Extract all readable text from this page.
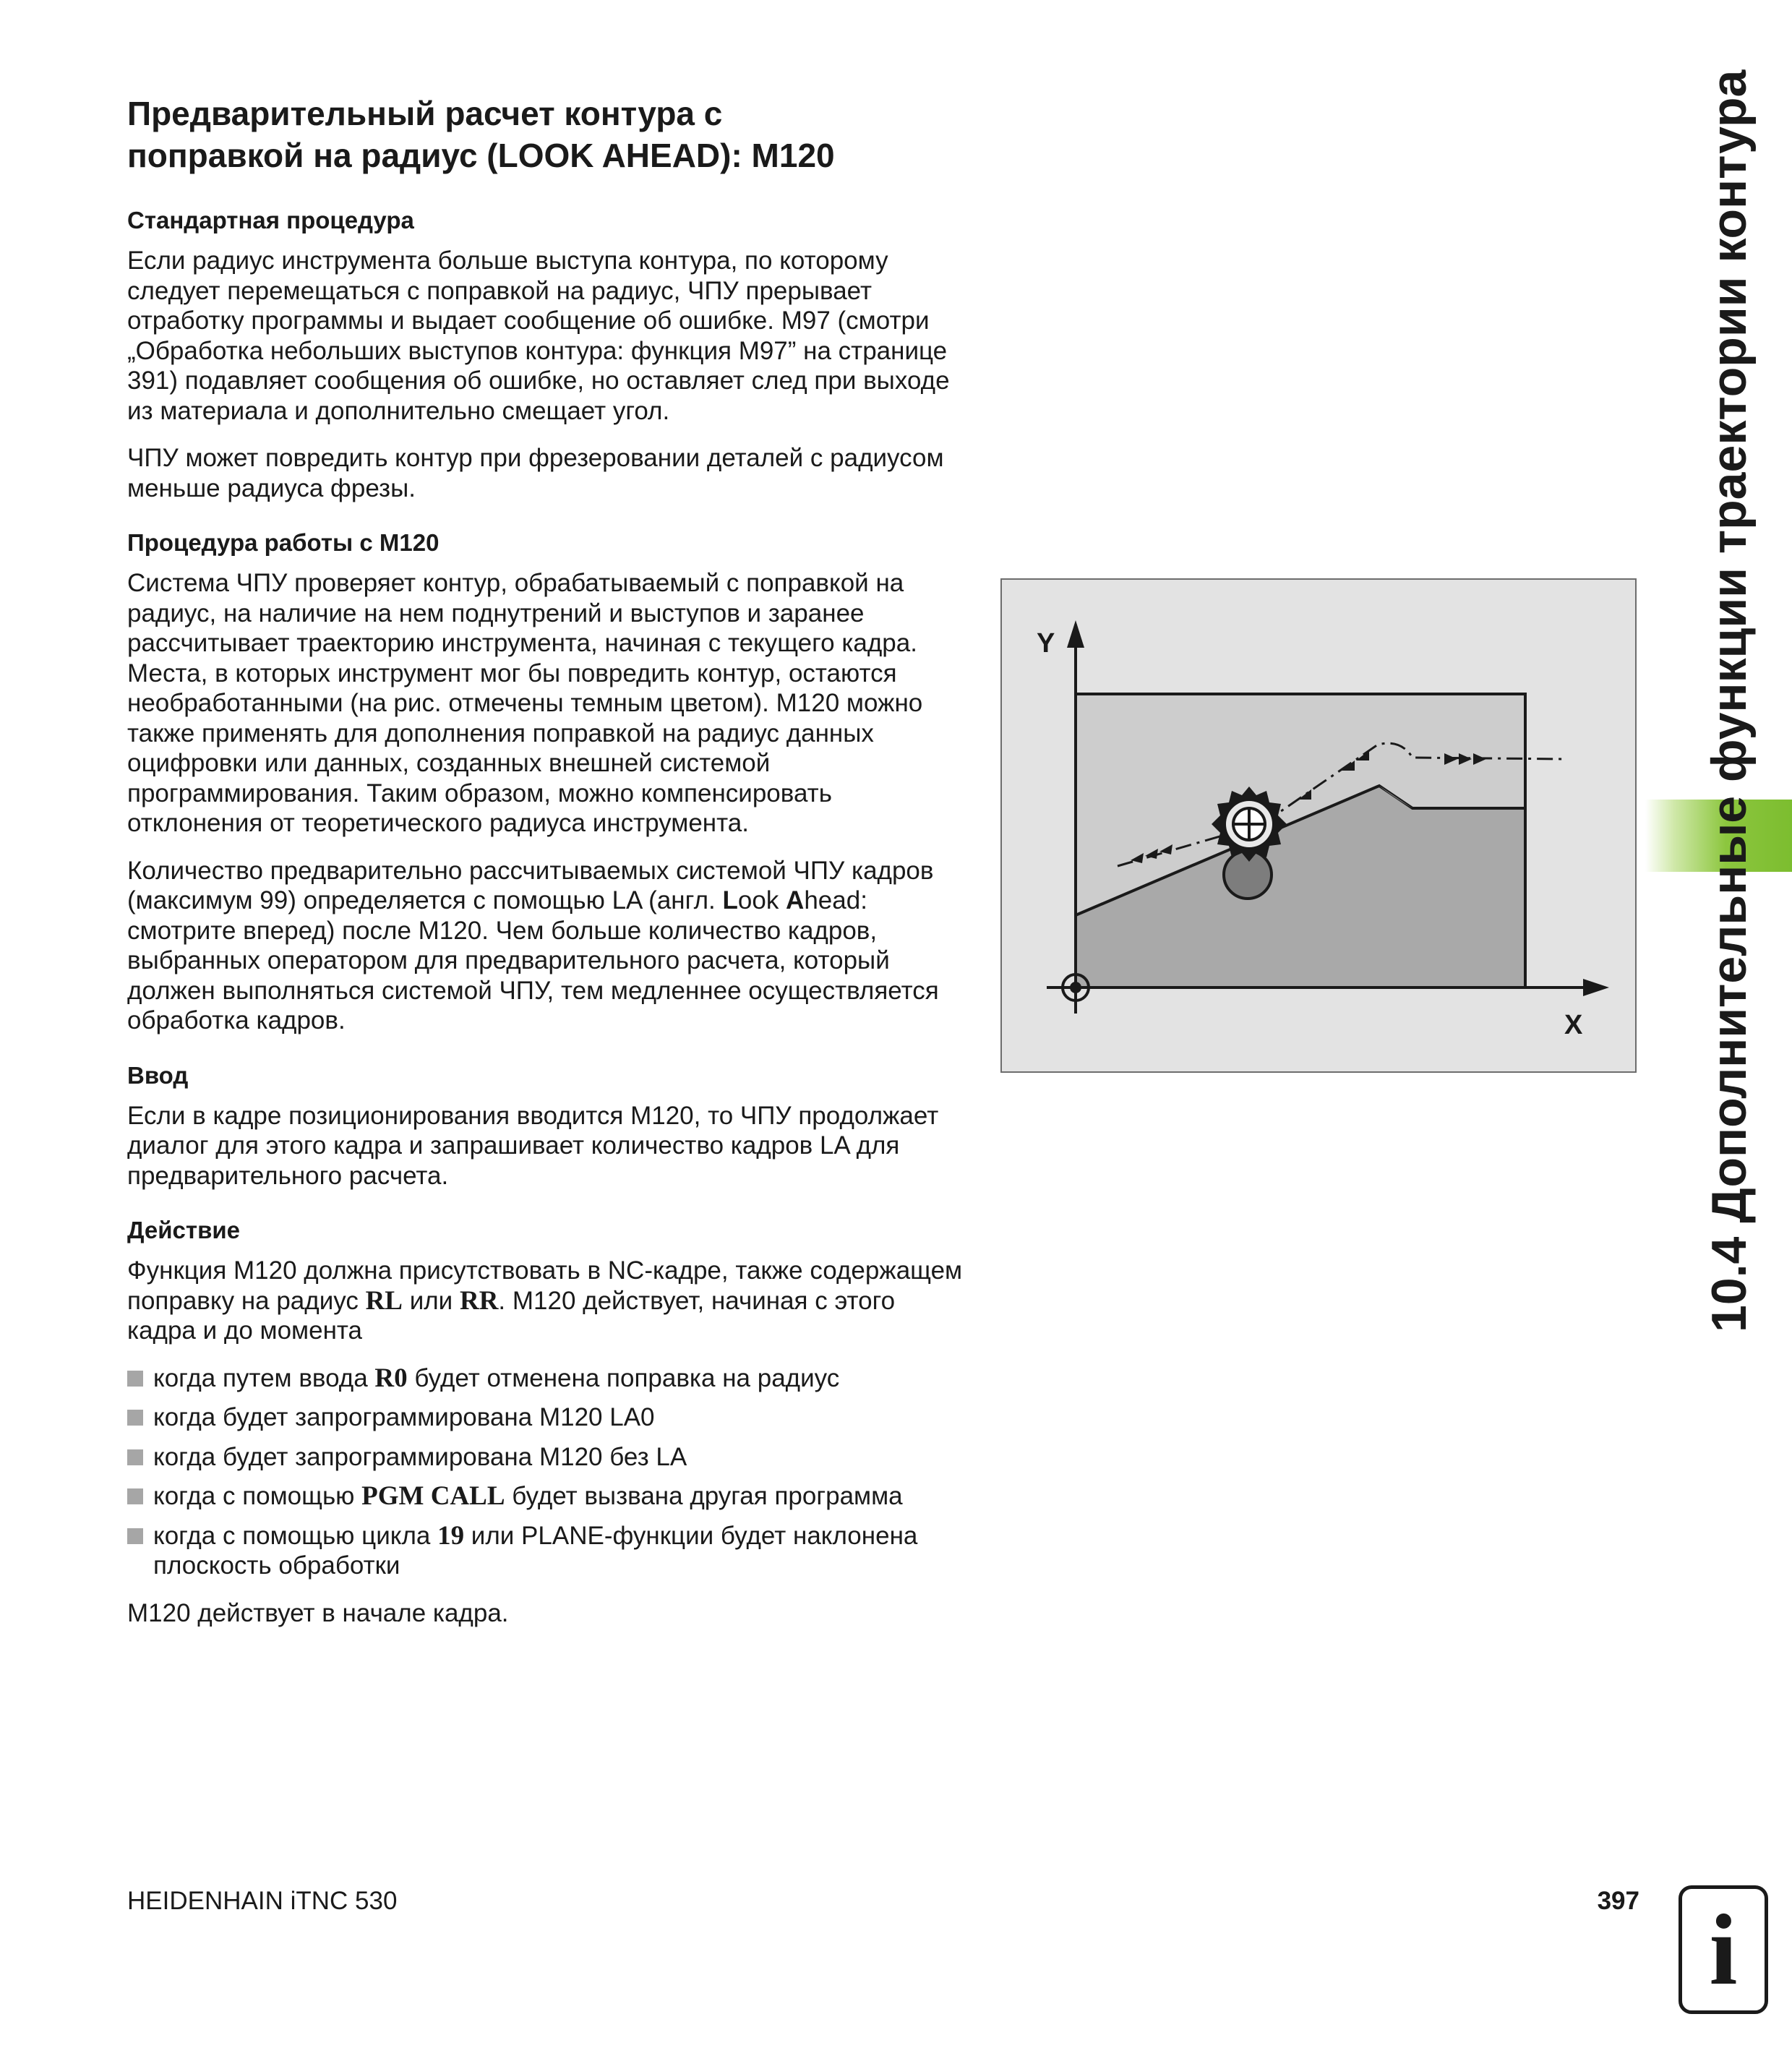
Предварительный расчет контура с
поправкой на радиус (LOOK AHEAD): M120
Стандартная процедура

Если радиус инструмента больше выступа контура, по которому следует перемещаться с поправкой на радиус, ЧПУ прерывает отработку программы и выдает сообщение об ошибке. M97 (смотри „Обработка небольших выступов контура: функция M97” на странице 391) подавляет сообщения об ошибке, но оставляет след при выходе из материала и дополнительно смещает угол.

ЧПУ может повредить контур при фрезеровании деталей с радиусом меньше радиуса фрезы.

Процедура работы с M120

Система ЧПУ проверяет контур, обрабатываемый с поправкой на радиус, на наличие на нем поднутрений и выступов и заранее рассчитывает траекторию инструмента, начиная с текущего кадра. Места, в которых инструмент мог бы повредить контур, остаются необработанными (на рис. отмечены темным цветом). M120 можно также применять для дополнения поправкой на радиус данных оцифровки или данных, созданных внешней системой программирования. Таким образом, можно компенсировать отклонения от теоретического радиуса инструмента.

Количество предварительно рассчитываемых системой ЧПУ кадров (максимум 99) определяется с помощью LA (англ. Look Ahead: смотрите вперед) после M120. Чем больше количество кадров, выбранных оператором для предварительного расчета, который должен выполняться системой ЧПУ, тем медленнее осуществляется обработка кадров.

Ввод

Если в кадре позиционирования вводится M120, то ЧПУ продолжает диалог для этого кадра и запрашивает количество кадров LA для предварительного расчета.

Действие

Функция M120 должна присутствовать в NC-кадре, также содержащем поправку на радиус RL или RR. M120 действует, начиная с этого кадра и до момента

когда путем ввода R0 будет отменена поправка на радиус
когда будет запрограммирована M120 LA0
когда будет запрограммирована M120 без LA
когда с помощью PGM CALL будет вызвана другая программа
когда с помощью цикла 19 или PLANE-функции будет наклонена плоскость обработки

M120 действует в начале кадра.

Y
X 10.4 Дополнительные функции траектории контура
HEIDENHAIN iTNC 530	397 i
